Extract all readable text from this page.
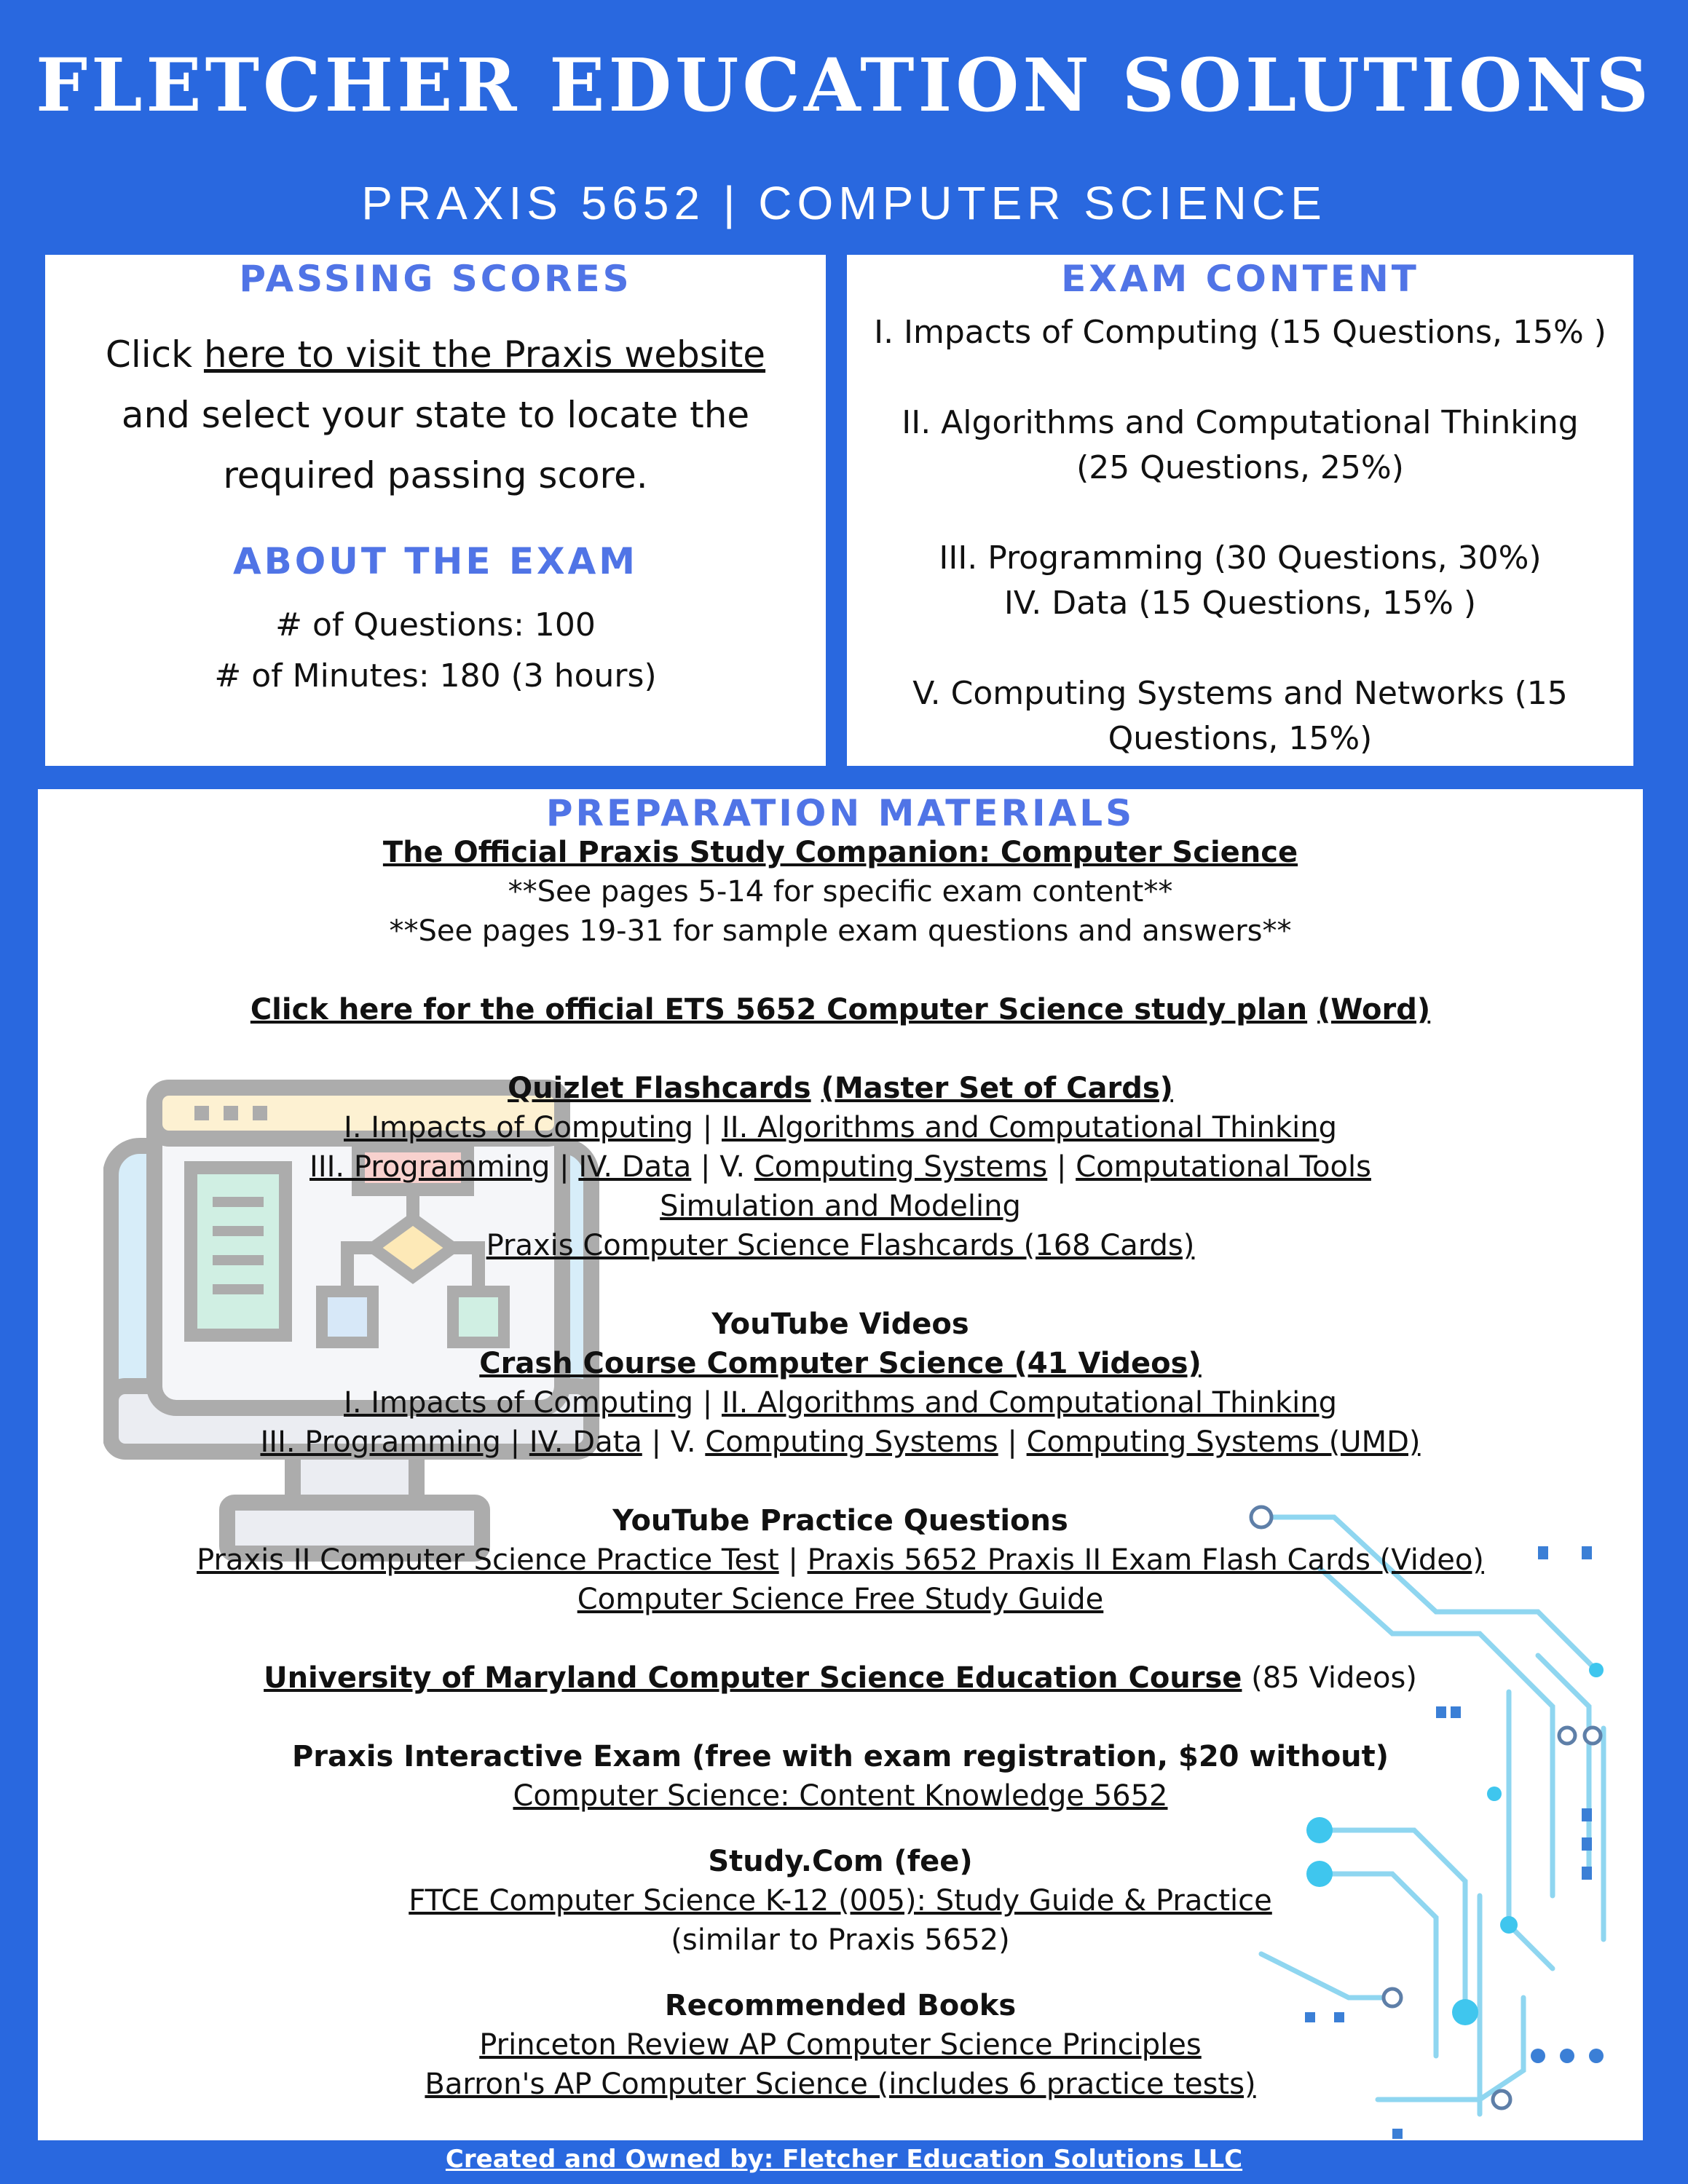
FLETCHER EDUCATION SOLUTIONS
PRAXIS 5652 | COMPUTER SCIENCE
PASSING SCORES
Click here to visit the Praxis website
and select your state to locate the
required passing score.
ABOUT THE EXAM
# of Questions: 100
# of Minutes: 180 (3 hours)
EXAM CONTENT
I. Impacts of Computing (15 Questions, 15% )
II. Algorithms and Computational Thinking
(25 Questions, 25%)
III. Programming (30 Questions, 30%)
IV. Data (15 Questions, 15% )
V. Computing Systems and Networks (15
Questions, 15%)
PREPARATION MATERIALS
The Official Praxis Study Companion: Computer Science
**See pages 5-14 for specific exam content**
**See pages 19-31 for sample exam questions and answers**
Click here for the official ETS 5652 Computer Science study plan (Word)
Quizlet Flashcards (Master Set of Cards)
I. Impacts of Computing | II. Algorithms and Computational Thinking
III. Programming | IV. Data | V. Computing Systems | Computational Tools
Simulation and Modeling
Praxis Computer Science Flashcards (168 Cards)
YouTube Videos
Crash Course Computer Science (41 Videos)
I. Impacts of Computing | II. Algorithms and Computational Thinking
III. Programming | IV. Data | V. Computing Systems | Computing Systems (UMD)
YouTube Practice Questions
Praxis II Computer Science Practice Test | Praxis 5652 Praxis II Exam Flash Cards (Video)
Computer Science Free Study Guide
University of Maryland Computer Science Education Course (85 Videos)
Praxis Interactive Exam (free with exam registration, $20 without)
Computer Science: Content Knowledge 5652
Study.Com (fee)
FTCE Computer Science K-12 (005): Study Guide & Practice
(similar to Praxis 5652)
Recommended Books
Princeton Review AP Computer Science Principles
Barron's AP Computer Science (includes 6 practice tests)
Created and Owned by: Fletcher Education Solutions LLC
